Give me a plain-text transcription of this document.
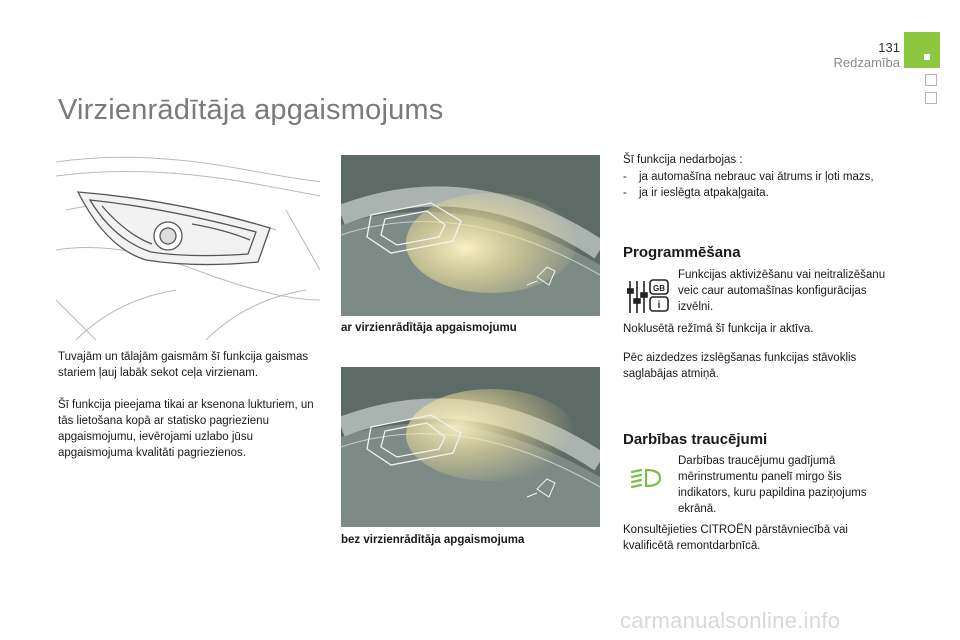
131
Redzamība
Virzienrādītāja apgaismojums
Tuvajām un tālajām gaismām šī funkcija gaismas stariem ļauj labāk sekot ceļa virzienam.
Šī funkcija pieejama tikai ar ksenona lukturiem, un tās lietošana kopā ar statisko pagriezienu apgaismojumu, ievērojami uzlabo jūsu apgaismojuma kvalitāti pagriezienos.
ar virzienrādītāja apgaismojumu
bez virzienrādītāja apgaismojuma
Šī funkcija nedarbojas :
- ja automašīna nebrauc vai ātrums ir ļoti mazs,
- ja ir ieslēgta atpakaļgaita.
Programmēšana
GB
i
Funkcijas aktivizēšanu vai neitralizēšanu veic caur automašīnas konfigurācijas izvēlni.
Noklusētā režīmā šī funkcija ir aktīva.
Pēc aizdedzes izslēgšanas funkcijas stāvoklis saglabājas atmiņā.
Darbības traucējumi
Darbības traucējumu gadījumā mērinstrumentu panelī mirgo šis indikators, kuru papildina paziņojums ekrānā.
Konsultējieties CITROËN pārstāvniecībā vai kvalificētā remontdarbnīcā.
carmanualsonline.info
